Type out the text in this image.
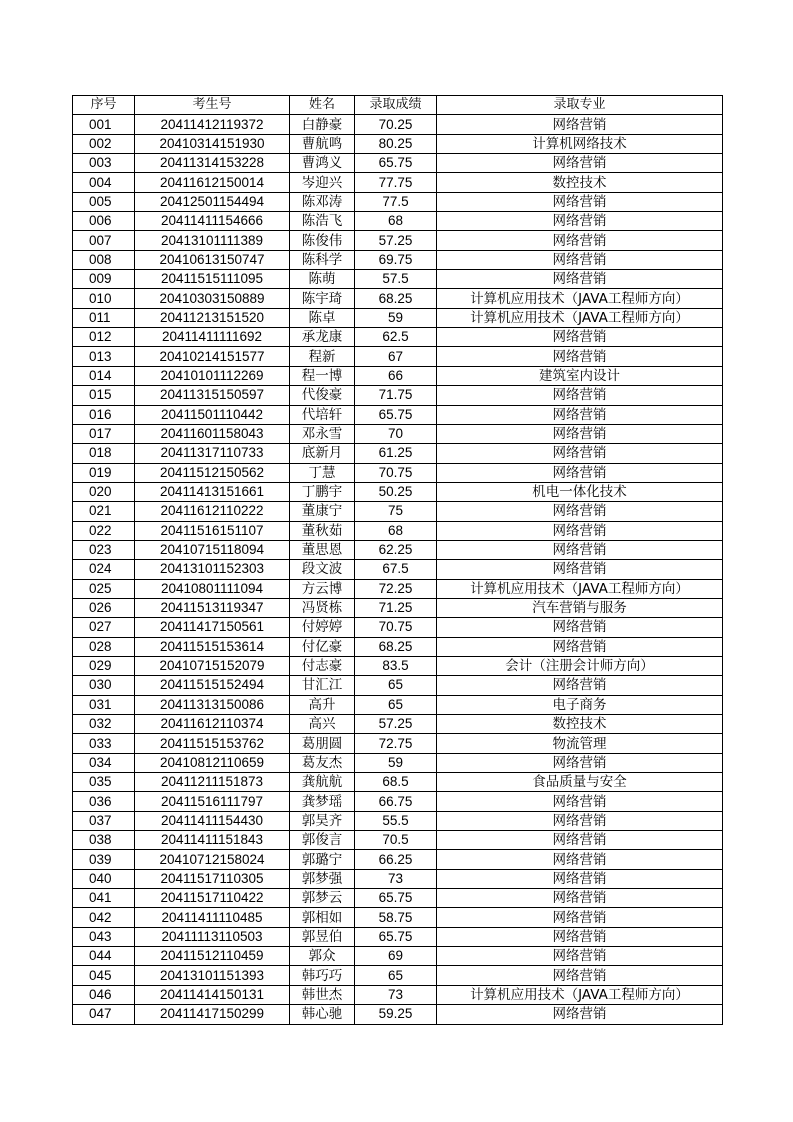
序号	考生号	姓名	录取成绩	录取专业
001	20411412119372	白静豪	70.25	网络营销
002	20410314151930	曹航鸣	80.25	计算机网络技术
003	20411314153228	曹鸿义	65.75	网络营销
004	20411612150014	岑迎兴	77.75	数控技术
005	20412501154494	陈邓涛	77.5	网络营销
006	20411411154666	陈浩飞	68	网络营销
007	20413101111389	陈俊伟	57.25	网络营销
008	20410613150747	陈科学	69.75	网络营销
009	20411515111095	陈萌	57.5	网络营销
010	20410303150889	陈宇琦	68.25	计算机应用技术（JAVA工程师方向）
011	20411213151520	陈卓	59	计算机应用技术（JAVA工程师方向）
012	20411411111692	承龙康	62.5	网络营销
013	20410214151577	程新	67	网络营销
014	20410101112269	程一博	66	建筑室内设计
015	20411315150597	代俊豪	71.75	网络营销
016	20411501110442	代培轩	65.75	网络营销
017	20411601158043	邓永雪	70	网络营销
018	20411317110733	底新月	61.25	网络营销
019	20411512150562	丁慧	70.75	网络营销
020	20411413151661	丁鹏宇	50.25	机电一体化技术
021	20411612110222	董康宁	75	网络营销
022	20411516151107	董秋茹	68	网络营销
023	20410715118094	董思恩	62.25	网络营销
024	20413101152303	段文波	67.5	网络营销
025	20410801111094	方云博	72.25	计算机应用技术（JAVA工程师方向）
026	20411513119347	冯贤栋	71.25	汽车营销与服务
027	20411417150561	付婷婷	70.75	网络营销
028	20411515153614	付亿豪	68.25	网络营销
029	20410715152079	付志豪	83.5	会计（注册会计师方向）
030	20411515152494	甘汇江	65	网络营销
031	20411313150086	高升	65	电子商务
032	20411612110374	高兴	57.25	数控技术
033	20411515153762	葛朋圆	72.75	物流管理
034	20410812110659	葛友杰	59	网络营销
035	20411211151873	龚航航	68.5	食品质量与安全
036	20411516111797	龚梦瑶	66.75	网络营销
037	20411411154430	郭昊齐	55.5	网络营销
038	20411411151843	郭俊言	70.5	网络营销
039	20410712158024	郭璐宁	66.25	网络营销
040	20411517110305	郭梦强	73	网络营销
041	20411517110422	郭梦云	65.75	网络营销
042	20411411110485	郭相如	58.75	网络营销
043	20411113110503	郭昱伯	65.75	网络营销
044	20411512110459	郭众	69	网络营销
045	20413101151393	韩巧巧	65	网络营销
046	20411414150131	韩世杰	73	计算机应用技术（JAVA工程师方向）
047	20411417150299	韩心驰	59.25	网络营销
